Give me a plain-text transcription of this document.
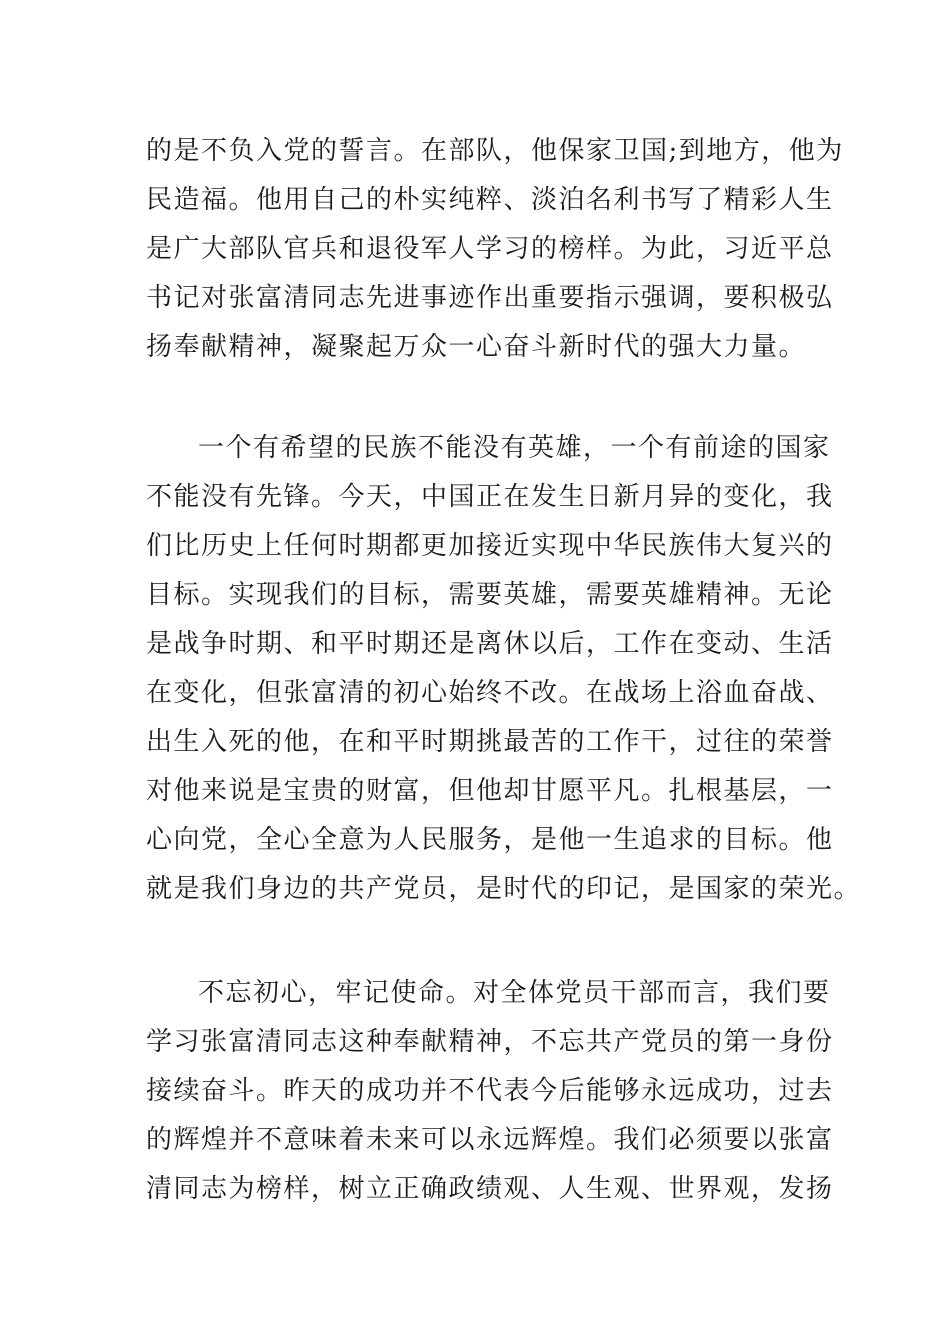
的是不负入党的誓言。在部队，他保家卫国;到地方，他为
民造福。他用自己的朴实纯粹、淡泊名利书写了精彩人生
是广大部队官兵和退役军人学习的榜样。为此，习近平总
书记对张富清同志先进事迹作出重要指示强调，要积极弘
扬奉献精神，凝聚起万众一心奋斗新时代的强大力量。
一个有希望的民族不能没有英雄，一个有前途的国家
不能没有先锋。今天，中国正在发生日新月异的变化，我
们比历史上任何时期都更加接近实现中华民族伟大复兴的
目标。实现我们的目标，需要英雄，需要英雄精神。无论
是战争时期、和平时期还是离休以后，工作在变动、生活
在变化，但张富清的初心始终不改。在战场上浴血奋战、
出生入死的他，在和平时期挑最苦的工作干，过往的荣誉
对他来说是宝贵的财富，但他却甘愿平凡。扎根基层，一
心向党，全心全意为人民服务，是他一生追求的目标。他
就是我们身边的共产党员，是时代的印记，是国家的荣光。
不忘初心，牢记使命。对全体党员干部而言，我们要
学习张富清同志这种奉献精神，不忘共产党员的第一身份
接续奋斗。昨天的成功并不代表今后能够永远成功，过去
的辉煌并不意味着未来可以永远辉煌。我们必须要以张富
清同志为榜样，树立正确政绩观、人生观、世界观，发扬
